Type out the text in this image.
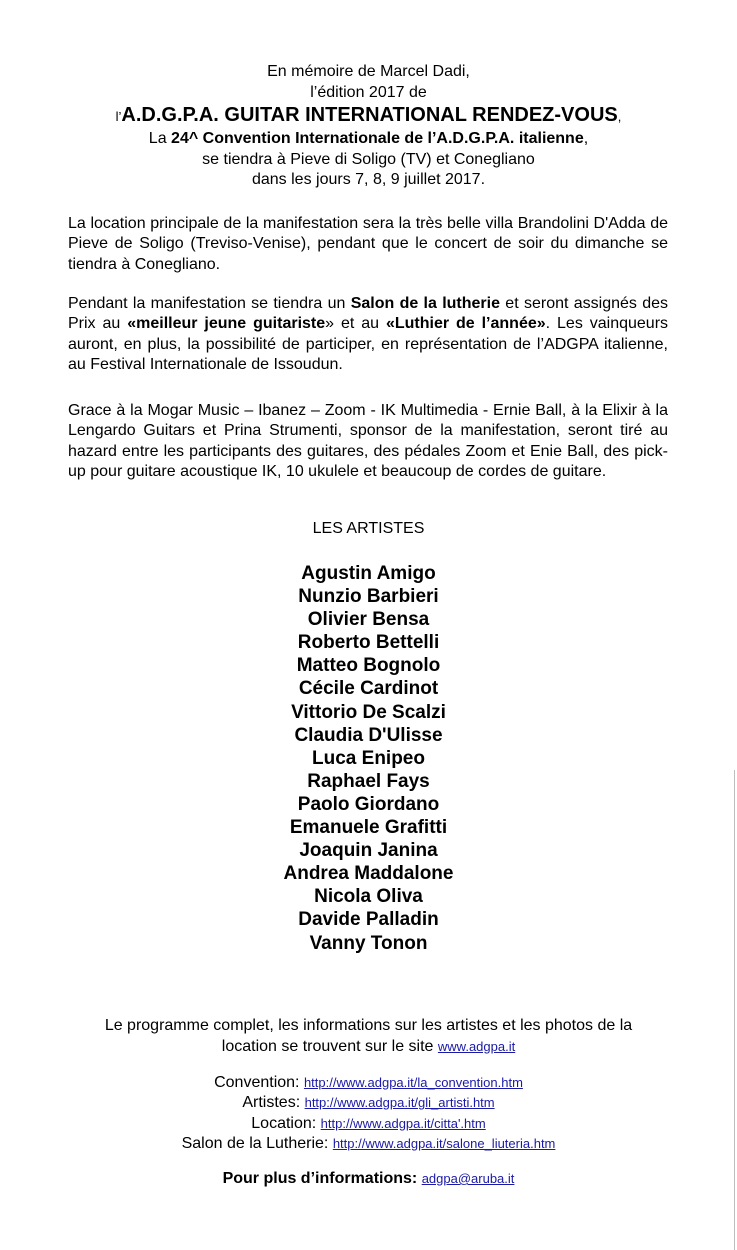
En mémoire de Marcel Dadi,
l’édition 2017 de
l’A.D.G.P.A. GUITAR INTERNATIONAL RENDEZ-VOUS,
La 24^ Convention Internationale de l’A.D.G.P.A. italienne,
se tiendra à Pieve di Soligo (TV) et Conegliano
dans les jours 7, 8, 9 juillet 2017.

La location principale de la manifestation sera la très belle villa Brandolini D'Adda de Pieve de Soligo (Treviso-Venise), pendant que le concert de soir du dimanche se tiendra à Conegliano.

Pendant la manifestation se tiendra un Salon de la lutherie et seront assignés des Prix au «meilleur jeune guitariste» et au «Luthier de l’année». Les vainqueurs auront, en plus, la possibilité de participer, en représentation de l’ADGPA italienne, au Festival Internationale de Issoudun.

Grace à la Mogar Music – Ibanez – Zoom - IK Multimedia - Ernie Ball, à la Elixir à la Lengardo Guitars et Prina Strumenti, sponsor de la manifestation, seront tiré au hazard entre les participants des guitares, des pédales Zoom et Enie Ball, des pick-up pour guitare acoustique IK, 10 ukulele et beaucoup de cordes de guitare.

LES ARTISTES
Agustin Amigo
Nunzio Barbieri
Olivier Bensa
Roberto Bettelli
Matteo Bognolo
Cécile Cardinot
Vittorio De Scalzi
Claudia D'Ulisse
Luca Enipeo
Raphael Fays
Paolo Giordano
Emanuele Grafitti
Joaquin Janina
Andrea Maddalone
Nicola Oliva
Davide Palladin
Vanny Tonon
Le programme complet, les informations sur les artistes et les photos de la
location se trouvent sur le site www.adgpa.it
Convention: http://www.adgpa.it/la_convention.htm
Artistes: http://www.adgpa.it/gli_artisti.htm
Location: http://www.adgpa.it/citta'.htm
Salon de la Lutherie: http://www.adgpa.it/salone_liuteria.htm
Pour plus d’informations: adgpa@aruba.it
